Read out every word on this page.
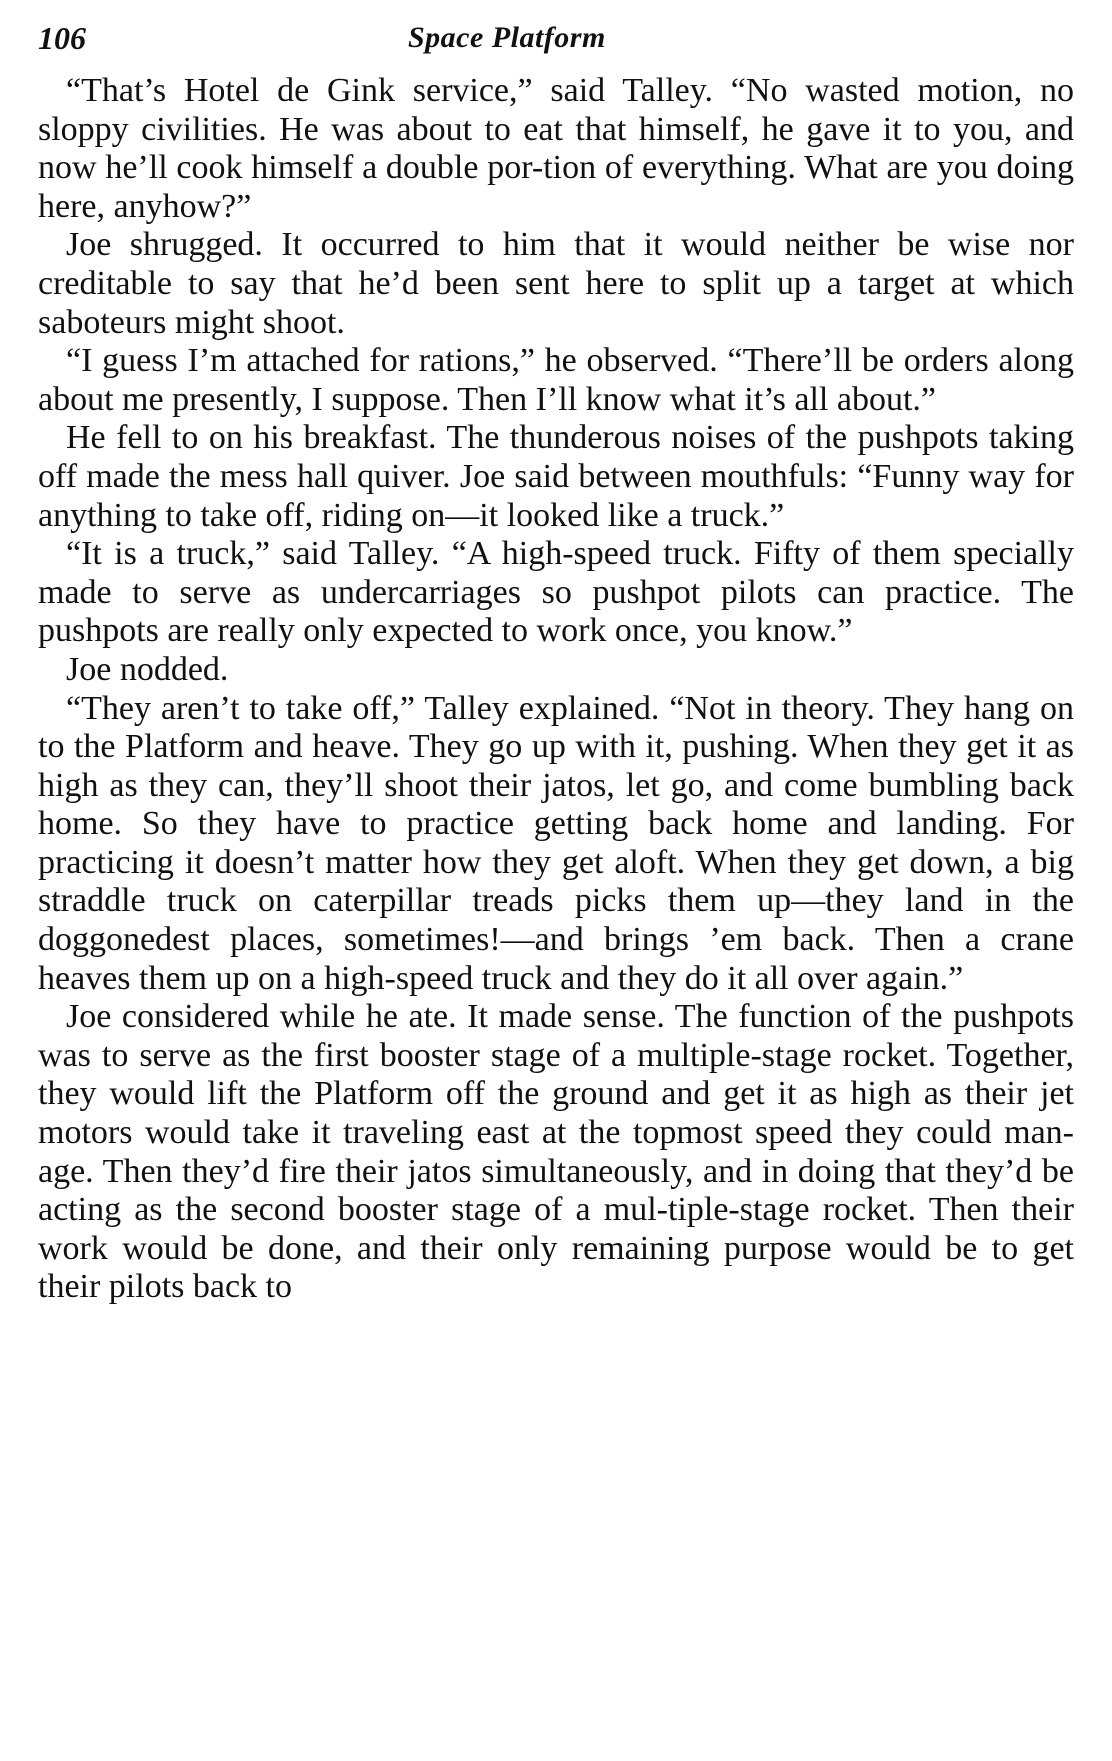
106	Space Platform

“That’s Hotel de Gink service,” said Talley. “No wasted motion, no sloppy civilities. He was about to eat that himself, he gave it to you, and now he’ll cook himself a double por-tion of everything. What are you doing here, anyhow?”

Joe shrugged. It occurred to him that it would neither be wise nor creditable to say that he’d been sent here to split up a target at which saboteurs might shoot.

“I guess I’m attached for rations,” he observed. “There’ll be orders along about me presently, I suppose. Then I’ll know what it’s all about.”

He fell to on his breakfast. The thunderous noises of the pushpots taking off made the mess hall quiver. Joe said between mouthfuls: “Funny way for anything to take off, riding on—it looked like a truck.”

“It is a truck,” said Talley. “A high-speed truck. Fifty of them specially made to serve as undercarriages so pushpot pilots can practice. The pushpots are really only expected to work once, you know.”

Joe nodded.

“They aren’t to take off,” Talley explained. “Not in theory. They hang on to the Platform and heave. They go up with it, pushing. When they get it as high as they can, they’ll shoot their jatos, let go, and come bumbling back home. So they have to practice getting back home and landing. For practicing it doesn’t matter how they get aloft. When they get down, a big straddle truck on caterpillar treads picks them up—they land in the doggonedest places, sometimes!—and brings ’em back. Then a crane heaves them up on a high-speed truck and they do it all over again.”

Joe considered while he ate. It made sense. The function of the pushpots was to serve as the first booster stage of a multiple-stage rocket. Together, they would lift the Platform off the ground and get it as high as their jet motors would take it traveling east at the topmost speed they could man-age. Then they’d fire their jatos simultaneously, and in doing that they’d be acting as the second booster stage of a mul-tiple-stage rocket. Then their work would be done, and their only remaining purpose would be to get their pilots back to
